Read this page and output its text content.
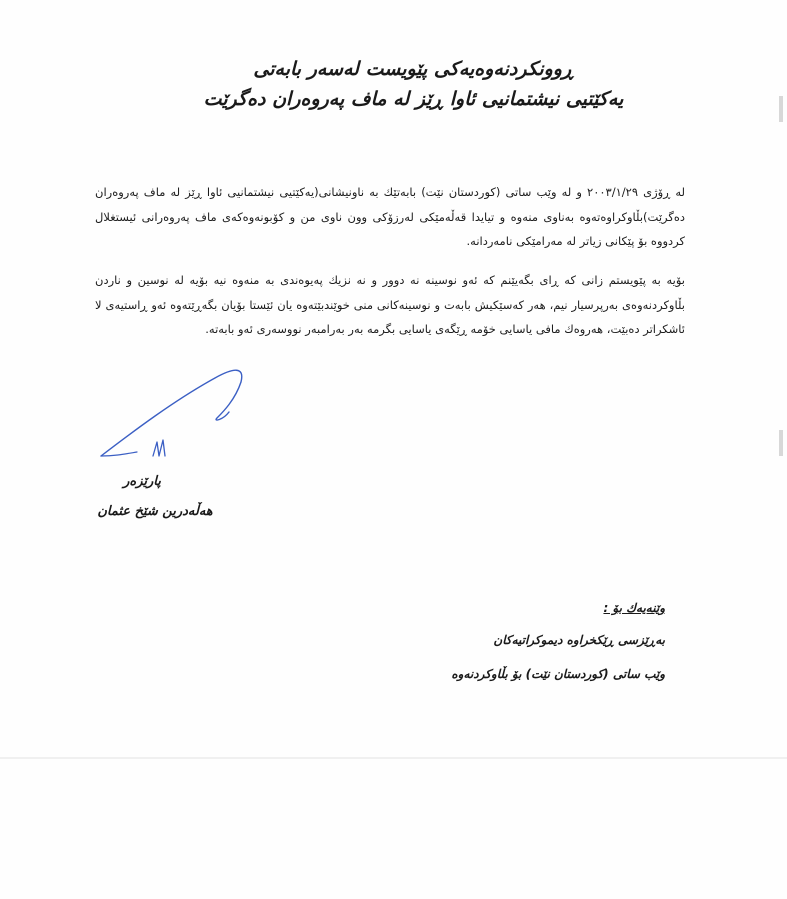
ڕوونکردنەوەیەکی پێویست لەسەر بابەتی
یەکێتیی نیشتمانیی ئاوا ڕێز لە ماف پەروەران دەگرێت

لە ڕۆژی ٢٠٠٣/١/٢٩ و لە وێب ساتی (کوردستان نێت) بابەتێك بە ناونیشانی(یەکێتیی نیشتمانیی ئاوا ڕێز لە ماف پەروەران دەگرێت)بڵاوکراوەتەوە بەناوی منەوە و تیایدا قەڵەمێکی لەرزۆکی وون ناوی من و کۆبونەوەکەی ماف پەروەرانی ئیستغلال کردووە بۆ پێکانی زیاتر لە مەرامێکی نامەردانە.

بۆیە بە پێویستم زانی کە ڕای بگەیێنم کە ئەو نوسینە نە دوور و نە نزیك پەیوەندی بە منەوە نیە بۆیە لە نوسین و ناردن بڵاوکردنەوەی بەرپرسیار نیم، هەر کەسێکیش بابەت و نوسینەکانی منی خوێندبێتەوە یان ئێستا بۆیان بگەڕێتەوە ئەو ڕاستیەی لا ئاشکراتر دەبێت، هەروەك مافی یاسایی خۆمە ڕێگەی یاسایی بگرمە بەر بەرامبەر نووسەری ئەو بابەتە.

پارێزەر
هەڵەدرین شێخ عثمان
وێنەیەك بۆ :
بەڕێزسی ڕێکخراوە دیموکراتیەکان
وێب ساتی (کوردستان نێت) بۆ بڵاوکردنەوە
